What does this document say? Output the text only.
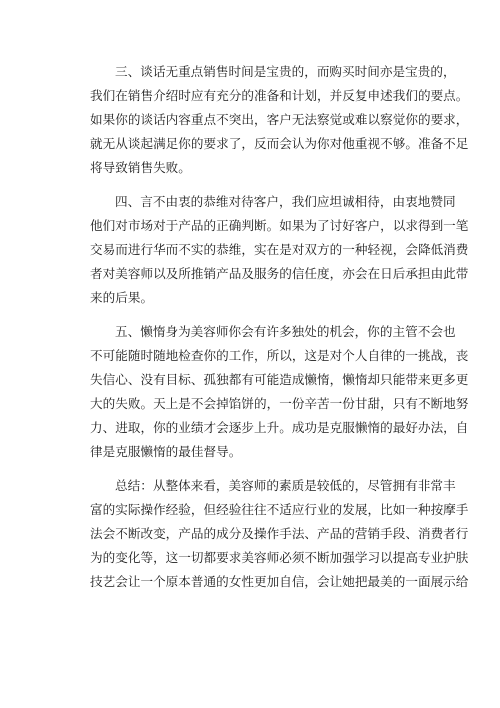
三、谈话无重点销售时间是宝贵的，而购买时间亦是宝贵的，
我们在销售介绍时应有充分的准备和计划，并反复申述我们的要点。
如果你的谈话内容重点不突出，客户无法察觉或难以察觉你的要求，
就无从谈起满足你的要求了，反而会认为你对他重视不够。准备不足
将导致销售失败。

四、言不由衷的恭维对待客户，我们应坦诚相待，由衷地赞同
他们对市场对于产品的正确判断。如果为了讨好客户，以求得到一笔
交易而进行华而不实的恭维，实在是对双方的一种轻视，会降低消费
者对美容师以及所推销产品及服务的信任度，亦会在日后承担由此带
来的后果。

五、懒惰身为美容师你会有许多独处的机会，你的主管不会也
不可能随时随地检查你的工作，所以，这是对个人自律的一挑战，丧
失信心、没有目标、孤独都有可能造成懒惰，懒惰却只能带来更多更
大的失败。天上是不会掉馅饼的，一份辛苦一份甘甜，只有不断地努
力、进取，你的业绩才会逐步上升。成功是克服懒惰的最好办法，自
律是克服懒惰的最佳督导。

总结：从整体来看，美容师的素质是较低的，尽管拥有非常丰
富的实际操作经验，但经验往往不适应行业的发展，比如一种按摩手
法会不断改变，产品的成分及操作手法、产品的营销手段、消费者行
为的变化等，这一切都要求美容师必须不断加强学习以提高专业护肤
技艺会让一个原本普通的女性更加自信，会让她把最美的一面展示给
